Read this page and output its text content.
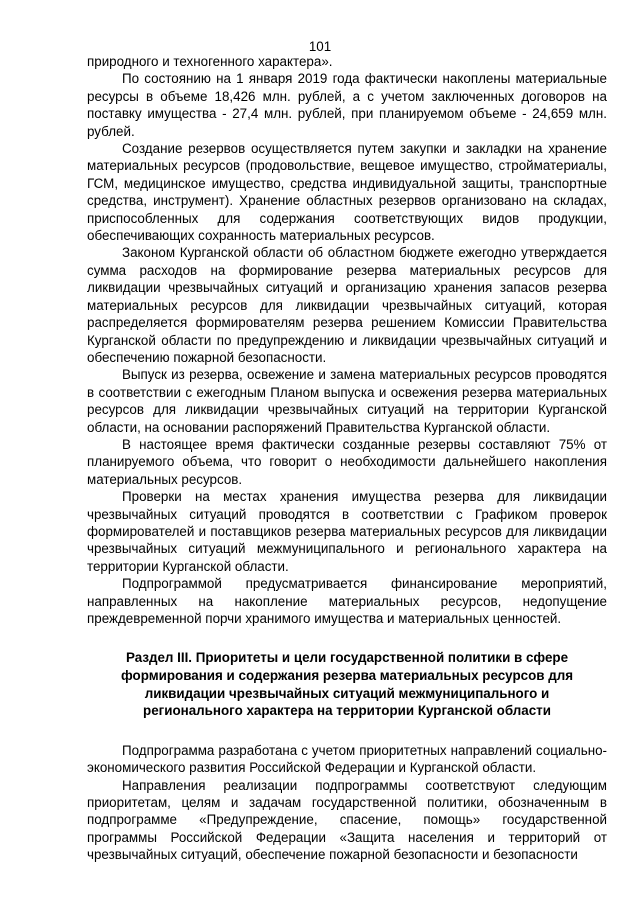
101

природного и техногенного характера».

По состоянию на 1 января 2019 года фактически накоплены материальные ресурсы в объеме 18,426 млн. рублей, а с учетом заключенных договоров на поставку имущества - 27,4 млн. рублей, при планируемом объеме - 24,659 млн. рублей.

Создание резервов осуществляется путем закупки и закладки на хранение материальных ресурсов (продовольствие, вещевое имущество, стройматериалы, ГСМ, медицинское имущество, средства индивидуальной защиты, транспортные средства, инструмент). Хранение областных резервов организовано на складах, приспособленных для содержания соответствующих видов продукции, обеспечивающих сохранность материальных ресурсов.

Законом Курганской области об областном бюджете ежегодно утверждается сумма расходов на формирование резерва материальных ресурсов для ликвидации чрезвычайных ситуаций и организацию хранения запасов резерва материальных ресурсов для ликвидации чрезвычайных ситуаций, которая распределяется формирователям резерва решением Комиссии Правительства Курганской области по предупреждению и ликвидации чрезвычайных ситуаций и обеспечению пожарной безопасности.

Выпуск из резерва, освежение и замена материальных ресурсов проводятся в соответствии с ежегодным Планом выпуска и освежения резерва материальных ресурсов для ликвидации чрезвычайных ситуаций на территории Курганской области, на основании распоряжений Правительства Курганской области.

В настоящее время фактически созданные резервы составляют 75% от планируемого объема, что говорит о необходимости дальнейшего накопления материальных ресурсов.

Проверки на местах хранения имущества резерва для ликвидации чрезвычайных ситуаций проводятся в соответствии с Графиком проверок формирователей и поставщиков резерва материальных ресурсов для ликвидации чрезвычайных ситуаций межмуниципального и регионального характера на территории Курганской области.

Подпрограммой предусматривается финансирование мероприятий, направленных на накопление материальных ресурсов, недопущение преждевременной порчи хранимого имущества и материальных ценностей.

Раздел III. Приоритеты и цели государственной политики в сфере
формирования и содержания резерва материальных ресурсов для
ликвидации чрезвычайных ситуаций межмуниципального и
регионального характера на территории Курганской области

Подпрограмма разработана с учетом приоритетных направлений социально-экономического развития Российской Федерации и Курганской области.

Направления реализации подпрограммы соответствуют следующим приоритетам, целям и задачам государственной политики, обозначенным в подпрограмме «Предупреждение, спасение, помощь» государственной программы Российской Федерации «Защита населения и территорий от чрезвычайных ситуаций, обеспечение пожарной безопасности и безопасности
